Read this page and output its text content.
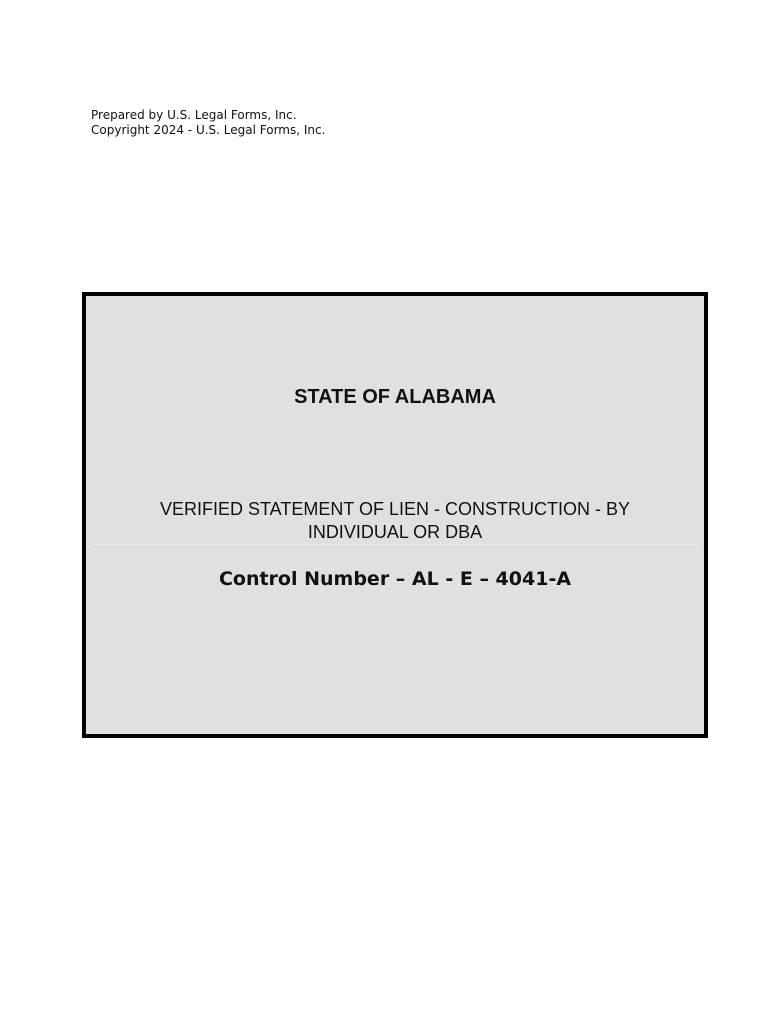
Prepared by U.S. Legal Forms, Inc.
Copyright 2024 - U.S. Legal Forms, Inc.
STATE OF ALABAMA
VERIFIED STATEMENT OF LIEN - CONSTRUCTION - BY
INDIVIDUAL OR DBA
Control Number – AL - E – 4041-A
